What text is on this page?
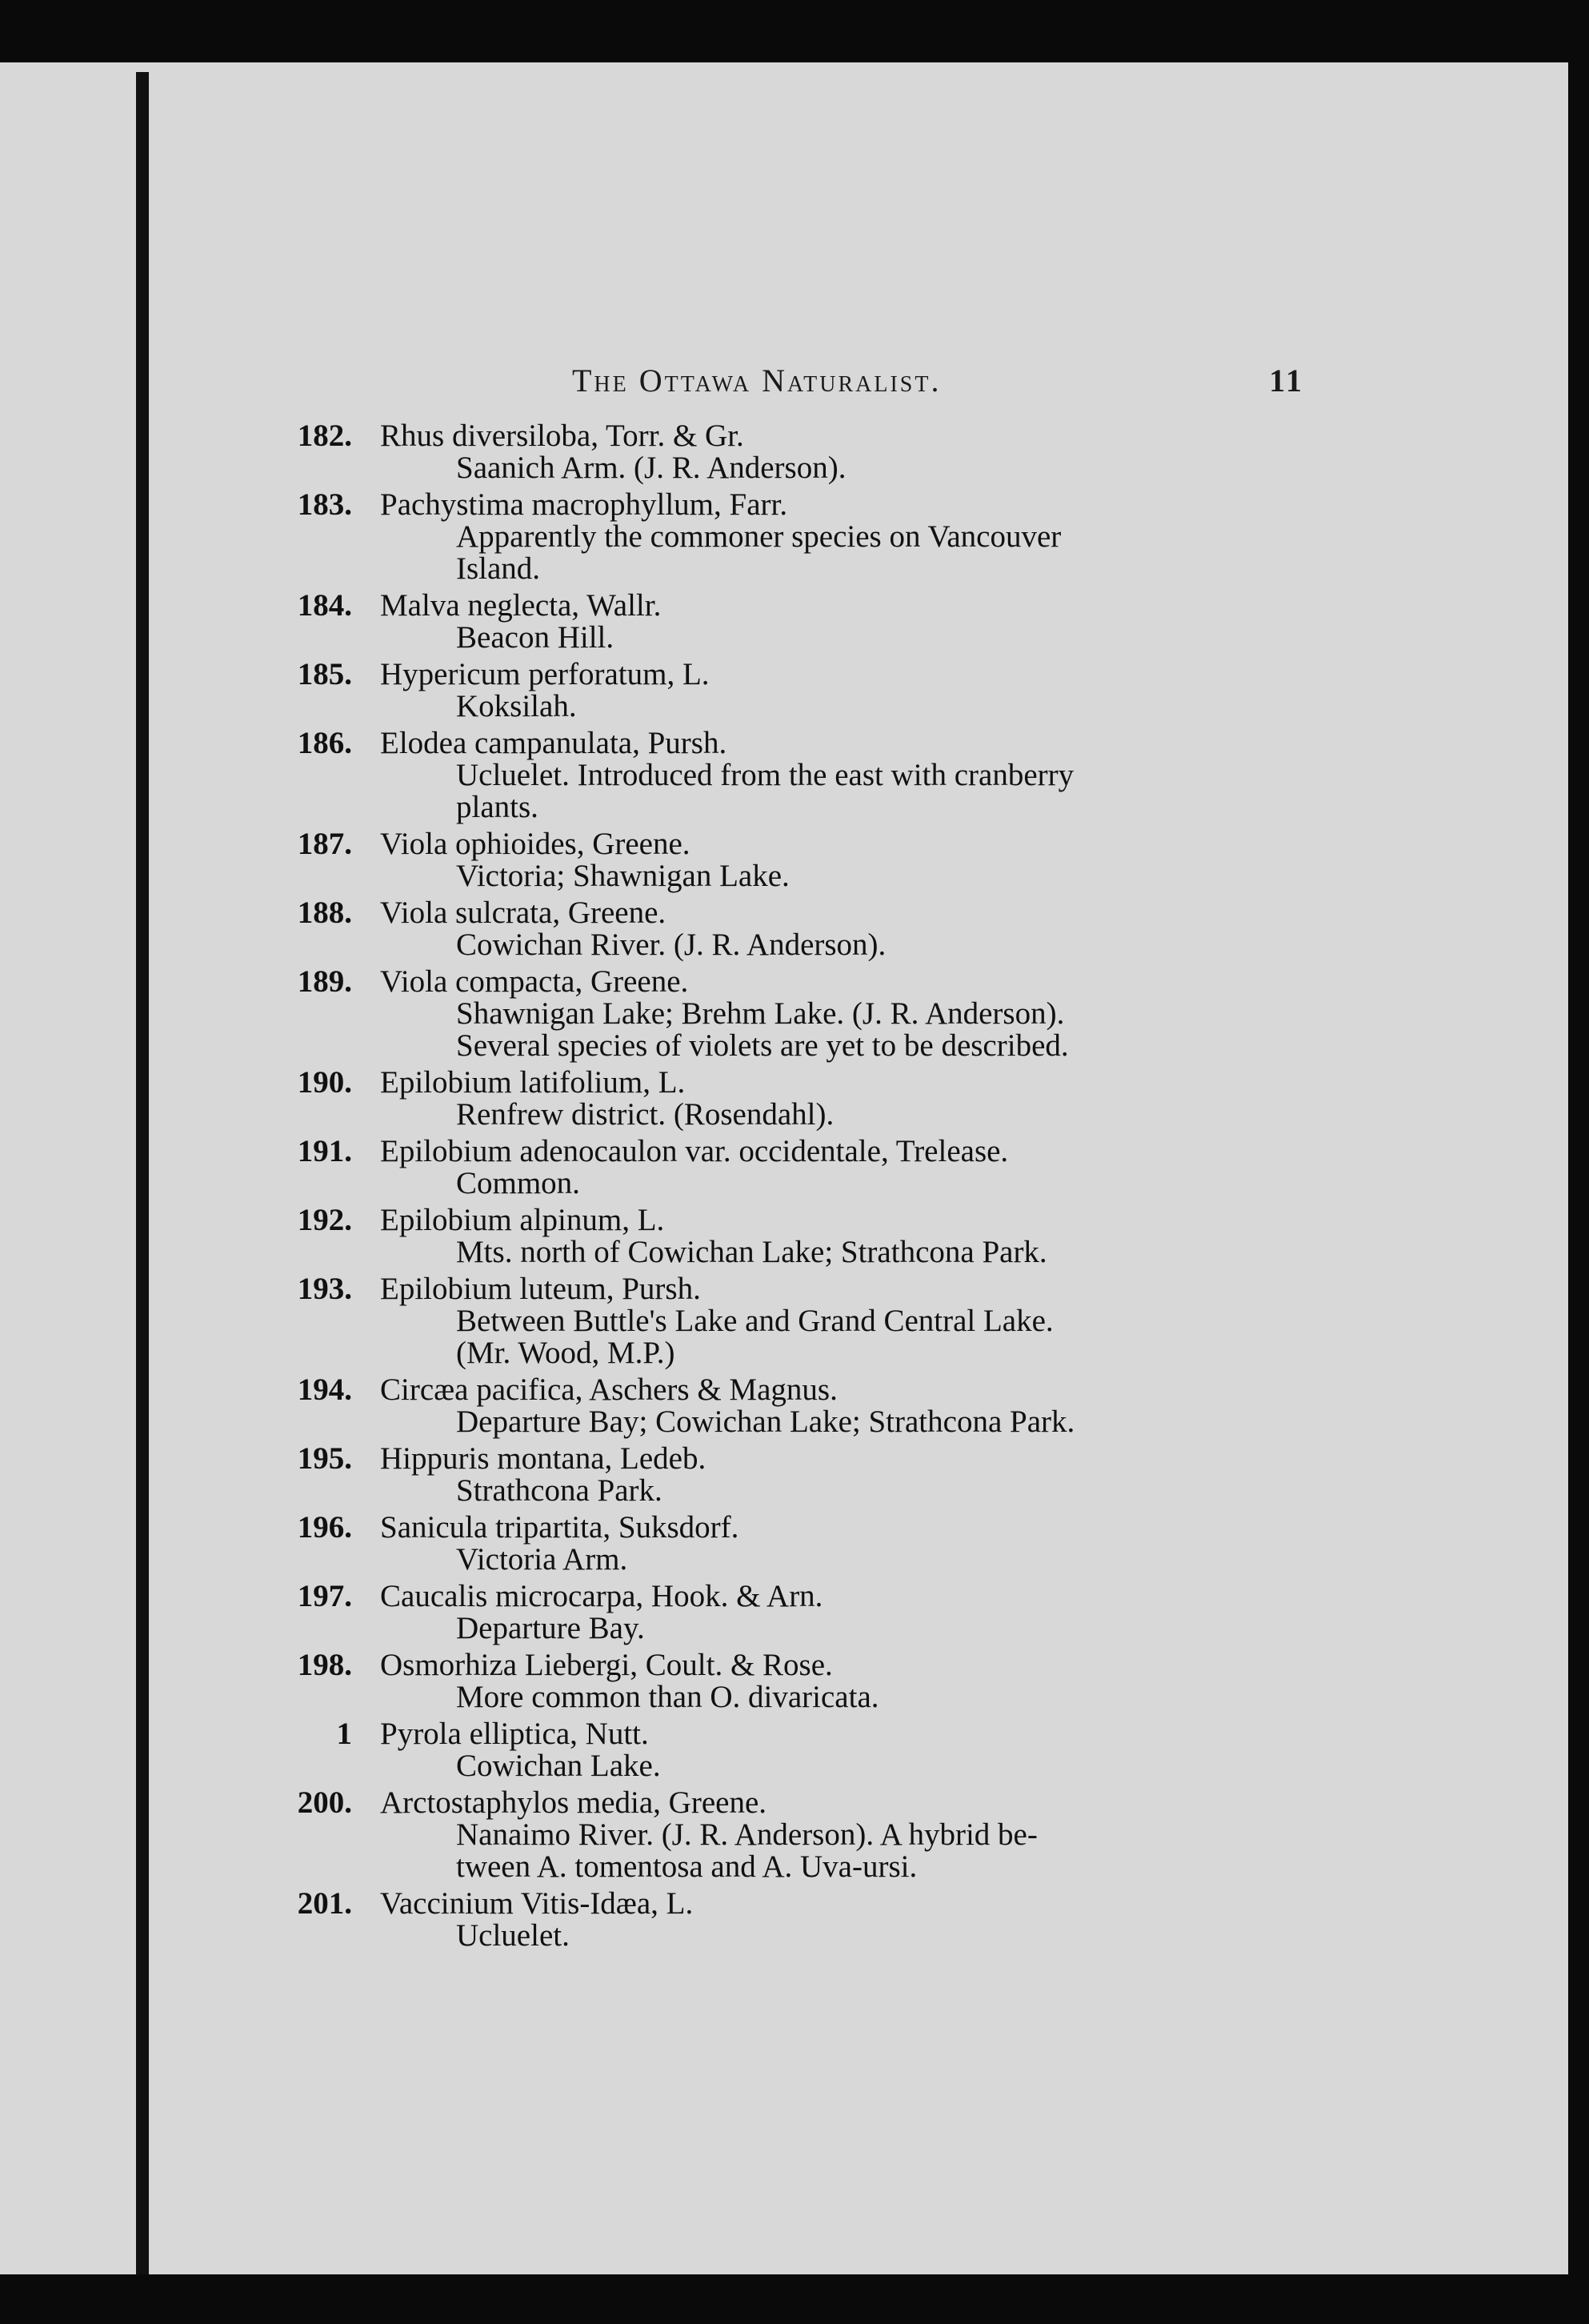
The Ottawa Naturalist.	11
182. Rhus diversiloba, Torr. & Gr.
Saanich Arm. (J. R. Anderson).
183. Pachystima macrophyllum, Farr.
Apparently the commoner species on Vancouver
Island.
184. Malva neglecta, Wallr.
Beacon Hill.
185. Hypericum perforatum, L.
Koksilah.
186. Elodea campanulata, Pursh.
Ucluelet. Introduced from the east with cranberry
plants.
187. Viola ophioides, Greene.
Victoria; Shawnigan Lake.
188. Viola sulcrata, Greene.
Cowichan River. (J. R. Anderson).
189. Viola compacta, Greene.
Shawnigan Lake; Brehm Lake. (J. R. Anderson).
Several species of violets are yet to be described.
190. Epilobium latifolium, L.
Renfrew district. (Rosendahl).
191. Epilobium adenocaulon var. occidentale, Trelease.
Common.
192. Epilobium alpinum, L.
Mts. north of Cowichan Lake; Strathcona Park.
193. Epilobium luteum, Pursh.
Between Buttle's Lake and Grand Central Lake.
(Mr. Wood, M.P.)
194. Circæa pacifica, Aschers & Magnus.
Departure Bay; Cowichan Lake; Strathcona Park.
195. Hippuris montana, Ledeb.
Strathcona Park.
196. Sanicula tripartita, Suksdorf.
Victoria Arm.
197. Caucalis microcarpa, Hook. & Arn.
Departure Bay.
198. Osmorhiza Liebergi, Coult. & Rose.
More common than O. divaricata.
1 Pyrola elliptica, Nutt.
Cowichan Lake.
200. Arctostaphylos media, Greene.
Nanaimo River. (J. R. Anderson). A hybrid be-
tween A. tomentosa and A. Uva-ursi.
201. Vaccinium Vitis-Idæa, L.
Ucluelet.
